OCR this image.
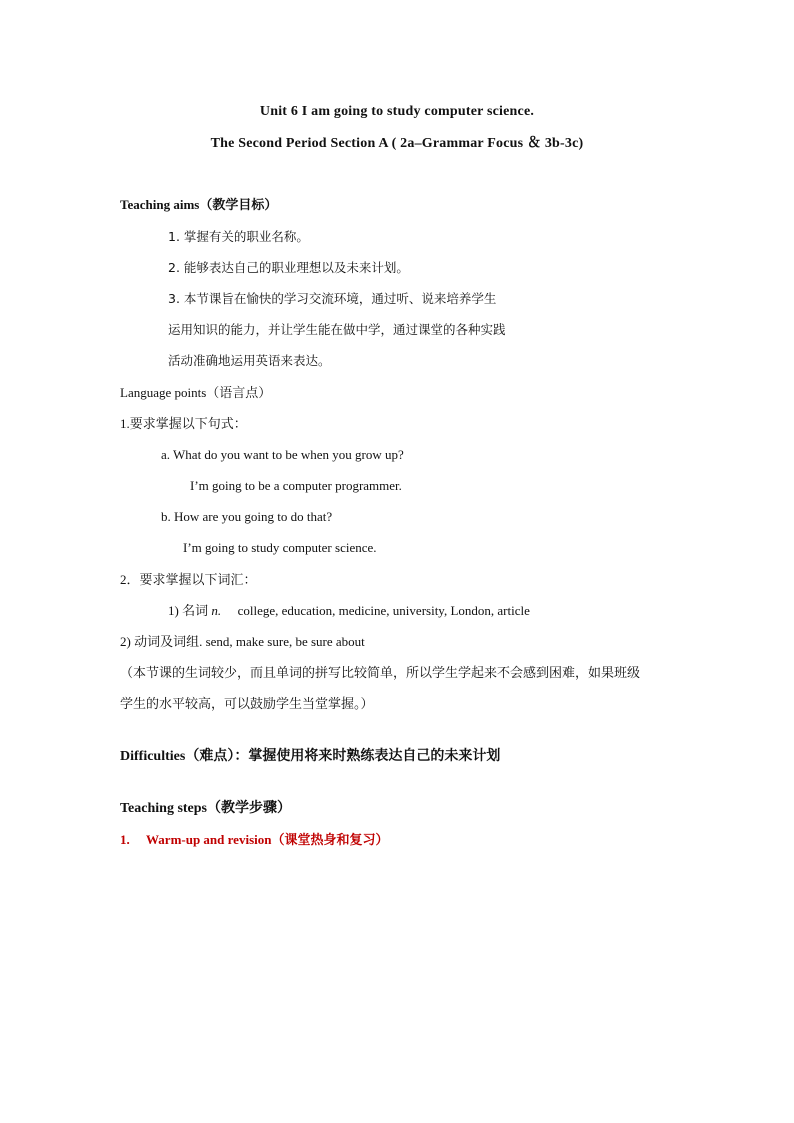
Unit 6 I am going to study computer science.
The Second Period Section A ( 2a–Grammar Focus ＆ 3b-3c)
Teaching aims（教学目标）
1. 掌握有关的职业名称。
2. 能够表达自己的职业理想以及未来计划。
3. 本节课旨在愉快的学习交流环境，通过听、说来培养学生
运用知识的能力，并让学生能在做中学，通过课堂的各种实践
活动准确地运用英语来表达。
Language points（语言点）
1.要求掌握以下句式：
a. What do you want to be when you grow up?
I’m going to be a computer programmer.
b. How are you going to do that?
I’m going to study computer science.
2．要求掌握以下词汇：
1) 名词 n. college, education, medicine, university, London, article
2) 动词及词组. send, make sure, be sure about
（本节课的生词较少，而且单词的拼写比较简单，所以学生学起来不会感到困难，如果班级
学生的水平较高，可以鼓励学生当堂掌握。）
Difficulties（难点）：掌握使用将来时熟练表达自己的未来计划
Teaching steps（教学步骤）
1. Warm-up and revision（课堂热身和复习）
